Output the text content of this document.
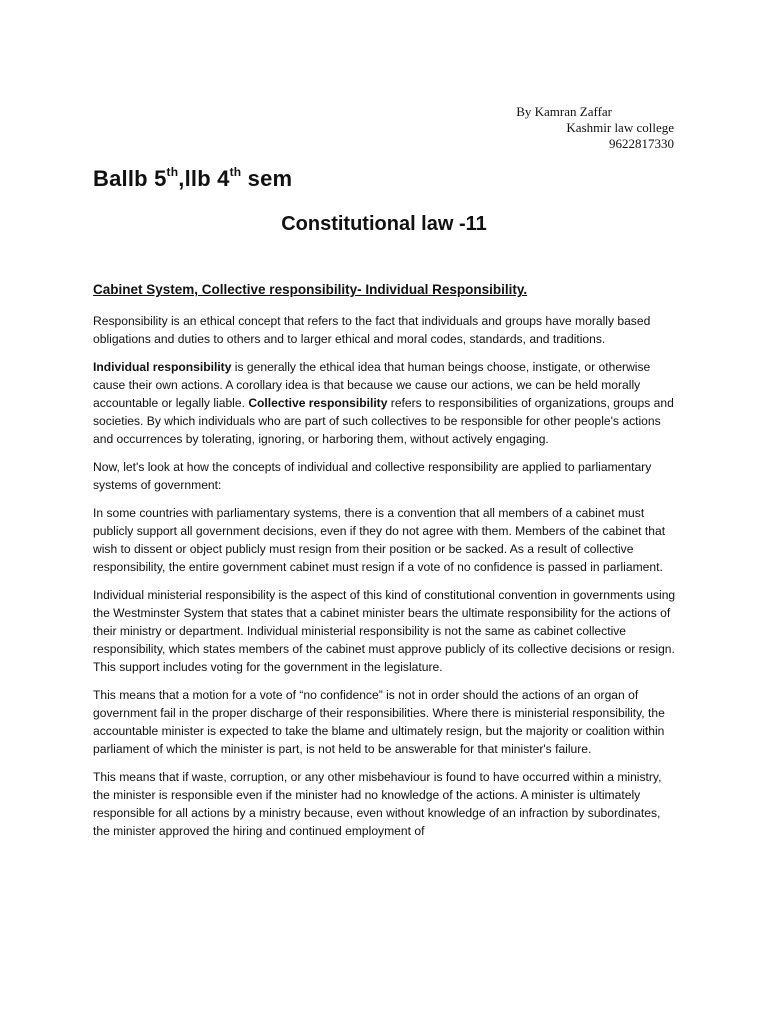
By Kamran Zaffar
Kashmir law college
9622817330
Ballb 5th,llb 4th sem
Constitutional law -11
Cabinet System, Collective responsibility- Individual Responsibility.

Responsibility is an ethical concept that refers to the fact that individuals and groups have morally based obligations and duties to others and to larger ethical and moral codes, standards, and traditions.

Individual responsibility is generally the ethical idea that human beings choose, instigate, or otherwise cause their own actions. A corollary idea is that because we cause our actions, we can be held morally accountable or legally liable. Collective responsibility refers to responsibilities of organizations, groups and societies. By which individuals who are part of such collectives to be responsible for other people's actions and occurrences by tolerating, ignoring, or harboring them, without actively engaging.

Now, let's look at how the concepts of individual and collective responsibility are applied to parliamentary systems of government:

In some countries with parliamentary systems, there is a convention that all members of a cabinet must publicly support all government decisions, even if they do not agree with them. Members of the cabinet that wish to dissent or object publicly must resign from their position or be sacked. As a result of collective responsibility, the entire government cabinet must resign if a vote of no confidence is passed in parliament.

Individual ministerial responsibility is the aspect of this kind of constitutional convention in governments using the Westminster System that states that a cabinet minister bears the ultimate responsibility for the actions of their ministry or department. Individual ministerial responsibility is not the same as cabinet collective responsibility, which states members of the cabinet must approve publicly of its collective decisions or resign. This support includes voting for the government in the legislature.

This means that a motion for a vote of “no confidence” is not in order should the actions of an organ of government fail in the proper discharge of their responsibilities. Where there is ministerial responsibility, the accountable minister is expected to take the blame and ultimately resign, but the majority or coalition within parliament of which the minister is part, is not held to be answerable for that minister's failure.

This means that if waste, corruption, or any other misbehaviour is found to have occurred within a ministry, the minister is responsible even if the minister had no knowledge of the actions. A minister is ultimately responsible for all actions by a ministry because, even without knowledge of an infraction by subordinates, the minister approved the hiring and continued employment of
